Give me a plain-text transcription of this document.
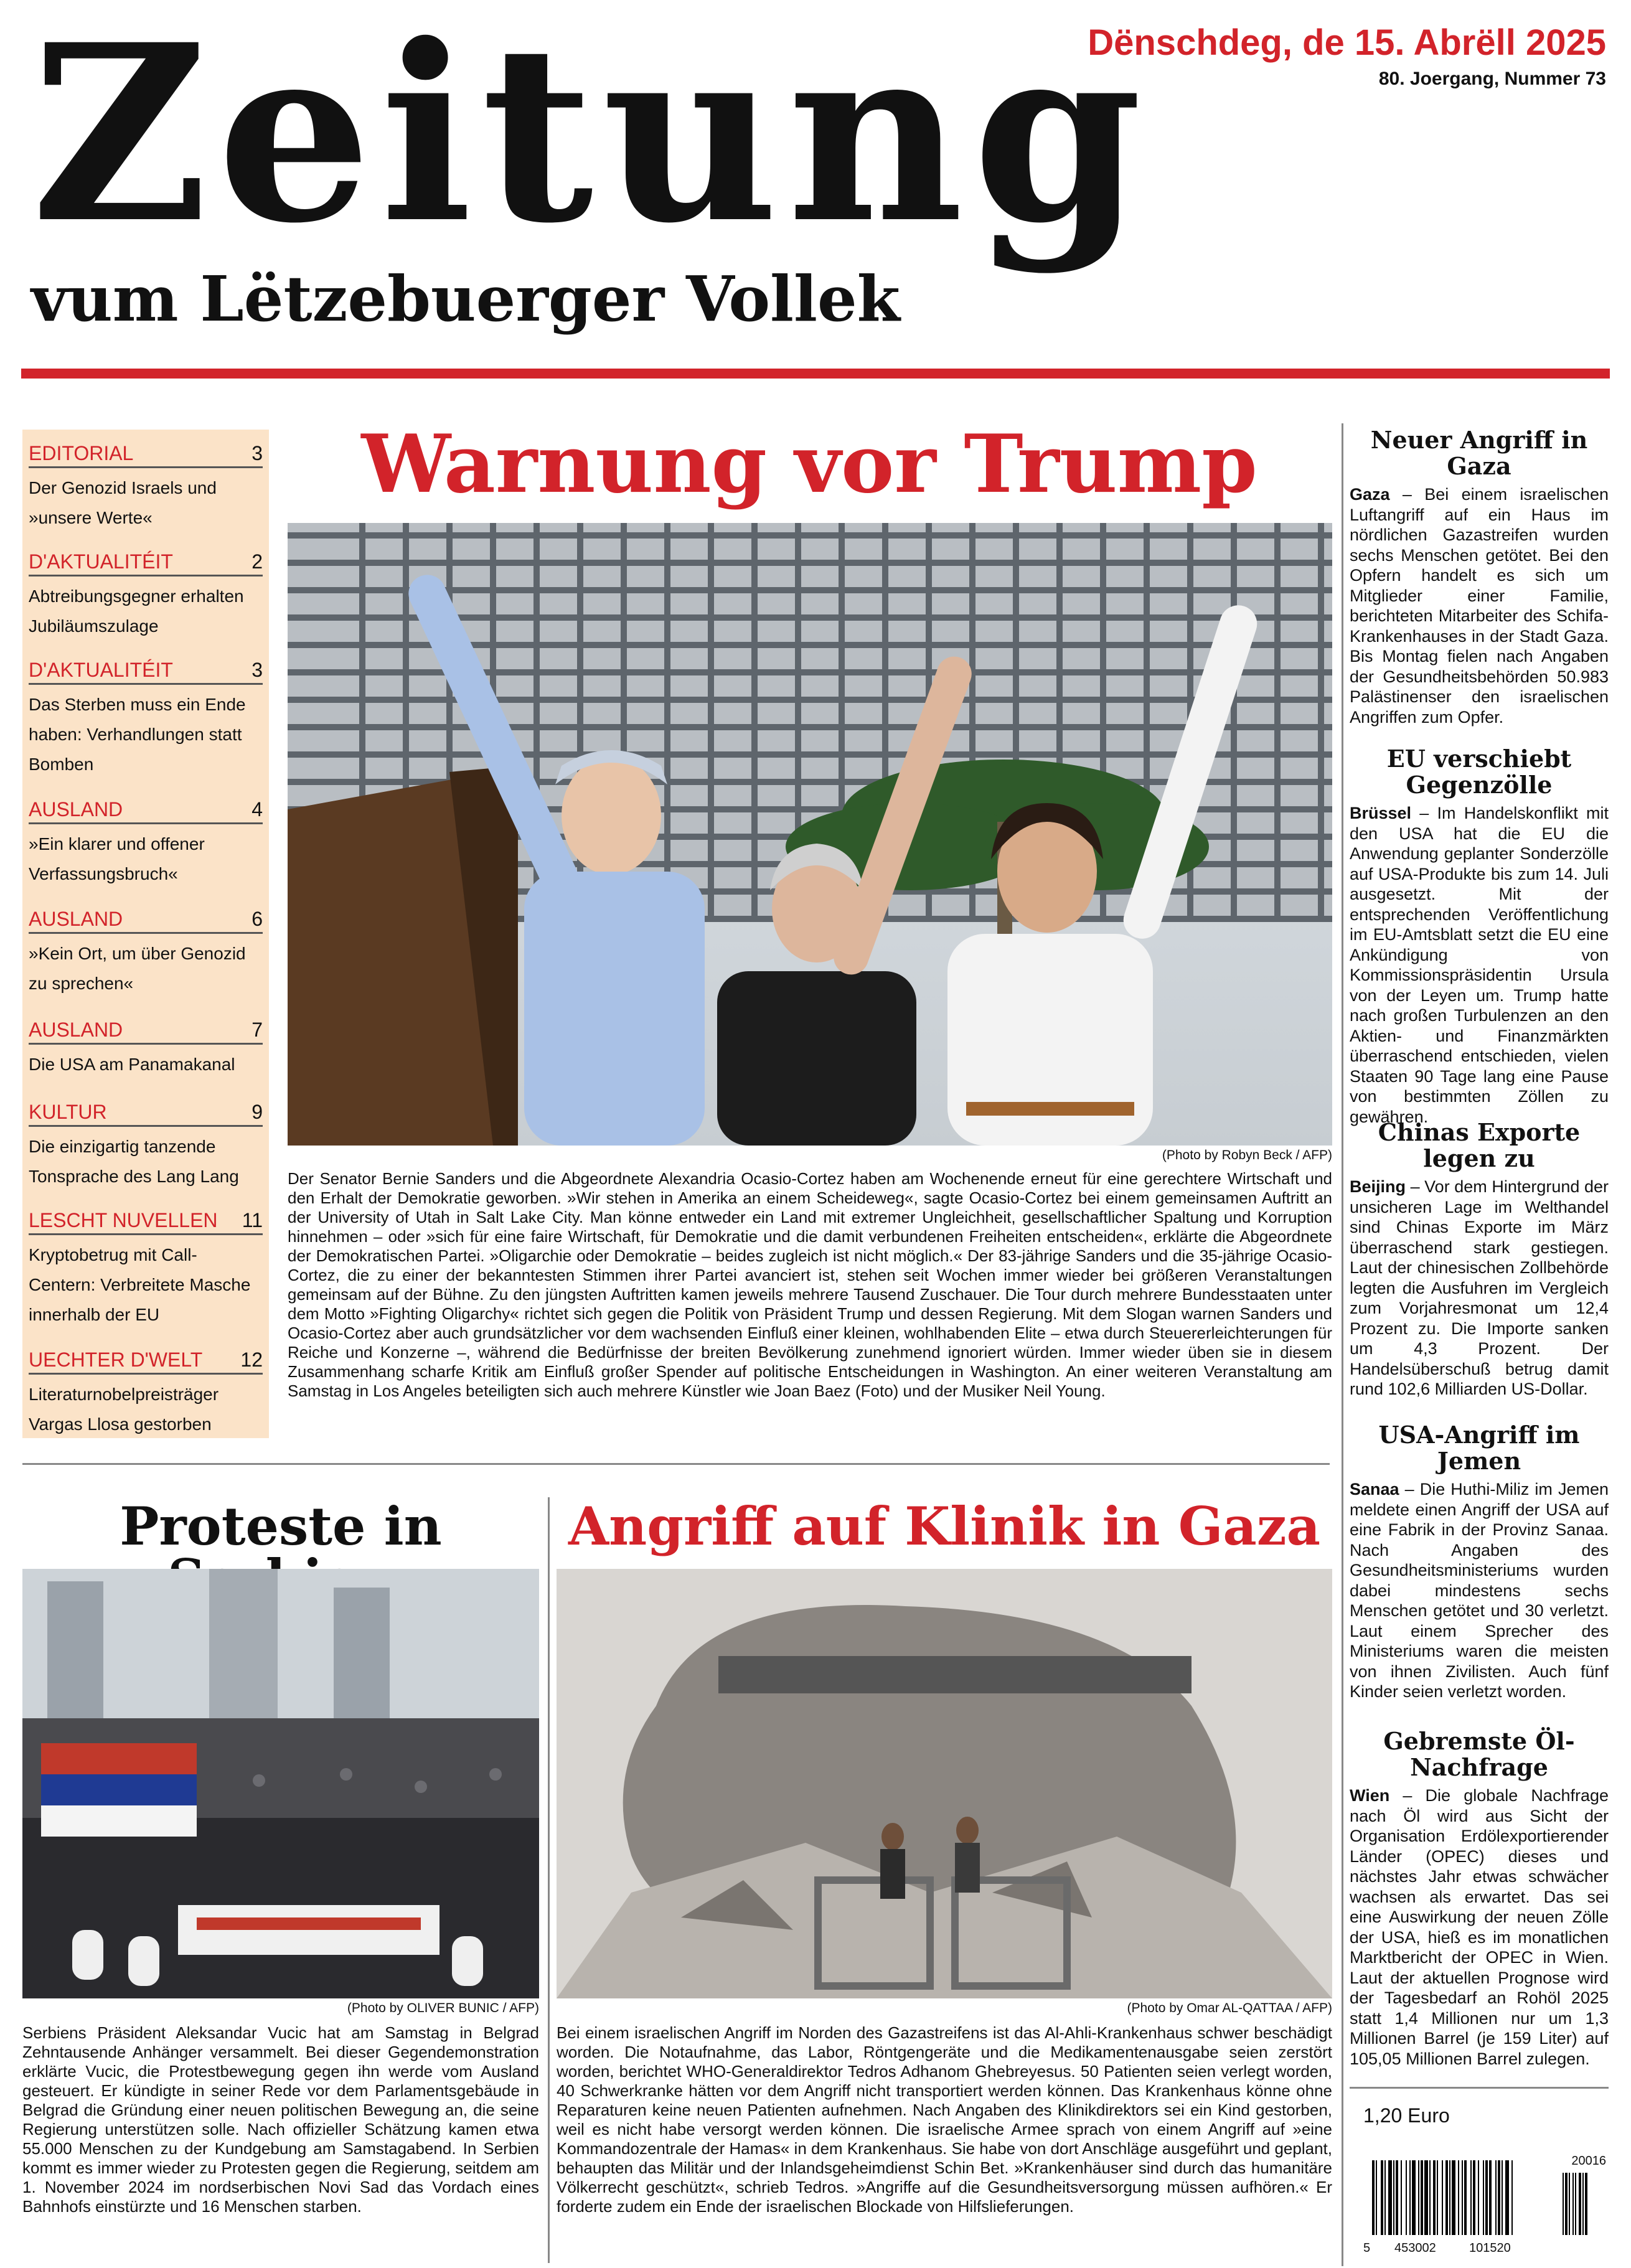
Zeitung
vum Lëtzebuerger Vollek
Dënschdeg, de 15. Abrëll 2025
80. Joergang, Nummer 73
EDITORIAL	3
Der Genozid Israels und »unsere Werte«
D'AKTUALITÉIT	2
Abtreibungsgegner erhalten Jubiläumszulage
D'AKTUALITÉIT	3
Das Sterben muss ein Ende haben: Verhandlungen statt Bomben
AUSLAND	4
»Ein klarer und offener Verfassungsbruch«
AUSLAND	6
»Kein Ort, um über Genozid zu sprechen«
AUSLAND	7
Die USA am Panamakanal
KULTUR	9
Die einzigartig tanzende Tonsprache des Lang Lang
LESCHT NUVELLEN 11
Kryptobetrug mit Call-Centern: Verbreitete Masche innerhalb der EU
UECHTER D'WELT 12
Literaturnobelpreisträger Vargas Llosa gestorben
Warnung vor Trump
(Photo by Robyn Beck / AFP)
Der Senator Bernie Sanders und die Abgeordnete Alexandria Ocasio-Cortez haben am Wochenende erneut für eine gerechtere Wirtschaft und den Erhalt der Demokratie geworben. »Wir stehen in Amerika an einem Scheideweg«, sagte Ocasio-Cortez bei einem gemeinsamen Auftritt an der University of Utah in Salt Lake City. Man könne entweder ein Land mit extremer Ungleichheit, gesellschaftlicher Spaltung und Korruption hinnehmen – oder »sich für eine faire Wirtschaft, für Demokratie und die damit verbundenen Freiheiten entscheiden«, erklärte die Abgeordnete der Demokratischen Partei. »Oligarchie oder Demokratie – beides zugleich ist nicht möglich.« Der 83-jährige Sanders und die 35-jährige Ocasio-Cortez, die zu einer der bekanntesten Stimmen ihrer Partei avanciert ist, stehen seit Wochen immer wieder bei größeren Veranstaltungen gemeinsam auf der Bühne. Zu den jüngsten Auftritten kamen jeweils mehrere Tausend Zuschauer. Die Tour durch mehrere Bundesstaaten unter dem Motto »Fighting Oligarchy« richtet sich gegen die Politik von Präsident Trump und dessen Regierung. Mit dem Slogan warnen Sanders und Ocasio-Cortez aber auch grundsätzlicher vor dem wachsenden Einfluß einer kleinen, wohlhabenden Elite – etwa durch Steuererleichterungen für Reiche und Konzerne –, während die Bedürfnisse der breiten Bevölkerung zunehmend ignoriert würden. Immer wieder üben sie in diesem Zusammenhang scharfe Kritik am Einfluß großer Spender auf politische Entscheidungen in Washington. An einer weiteren Veranstaltung am Samstag in Los Angeles beteiligten sich auch mehrere Künstler wie Joan Baez (Foto) und der Musiker Neil Young.
Proteste in
(Photo by OLIVER BUNIC / AFP)
Serbiens Präsident Aleksandar Vucic hat am Samstag in Belgrad Zehntausende Anhänger versammelt. Bei dieser Gegendemonstration erklärte Vucic, die Protestbewegung gegen ihn werde vom Ausland gesteuert. Er kündigte in seiner Rede vor dem Parlamentsgebäude in Belgrad die Gründung einer neuen politischen Bewegung an, die seine Regierung unterstützen solle. Nach offizieller Schätzung kamen etwa 55.000 Menschen zu der Kundgebung am Samstagabend. In Serbien kommt es immer wieder zu Protesten gegen die Regierung, seitdem am 1. November 2024 im nordserbischen Novi Sad das Vordach eines Bahnhofs einstürzte und 16 Menschen starben.
Angriff auf Klinik in Gaza
(Photo by Omar AL-QATTAA / AFP)
Bei einem israelischen Angriff im Norden des Gazastreifens ist das Al-Ahli-Krankenhaus schwer beschädigt worden. Die Notaufnahme, das Labor, Röntgengeräte und die Medikamentenausgabe seien zerstört worden, berichtet WHO-Generaldirektor Tedros Adhanom Ghebreyesus. 50 Patienten seien verlegt worden, 40 Schwerkranke hätten vor dem Angriff nicht transportiert werden können. Das Krankenhaus könne ohne Reparaturen keine neuen Patienten aufnehmen. Nach Angaben des Klinikdirektors sei ein Kind gestorben, weil es nicht habe versorgt werden können. Die israelische Armee sprach von einem Angriff auf »eine Kommandozentrale der Hamas« in dem Krankenhaus. Sie habe von dort Anschläge ausgeführt und geplant, behaupten das Militär und der Inlandsgeheimdienst Schin Bet. »Krankenhäuser sind durch das humanitäre Völkerrecht geschützt«, schrieb Tedros. »Angriffe auf die Gesundheitsversorgung müssen aufhören.« Er forderte zudem ein Ende der israelischen Blockade von Hilfslieferungen.
Neuer Angriff in Gaza

Gaza – Bei einem israelischen Luftangriff auf ein Haus im nördlichen Gazastreifen wurden sechs Menschen getötet. Bei den Opfern handelt es sich um Mitglieder einer Familie, berichteten Mitarbeiter des Schifa-Krankenhauses in der Stadt Gaza. Bis Montag fielen nach Angaben der Gesundheitsbehörden 50.983 Palästinenser den israelischen Angriffen zum Opfer.

EU verschiebt Gegenzölle

Brüssel – Im Handelskonflikt mit den USA hat die EU die Anwendung geplanter Sonderzölle auf USA-Produkte bis zum 14. Juli ausgesetzt. Mit der entsprechenden Veröffentlichung im EU-Amtsblatt setzt die EU eine Ankündigung von Kommissionspräsidentin Ursula von der Leyen um. Trump hatte nach großen Turbulenzen an den Aktien- und Finanzmärkten überraschend entschieden, vielen Staaten 90 Tage lang eine Pause von bestimmten Zöllen zu gewähren.

Chinas Exporte legen zu

Beijing – Vor dem Hintergrund der unsicheren Lage im Welthandel sind Chinas Exporte im März überraschend stark gestiegen. Laut der chinesischen Zollbehörde legten die Ausfuhren im Vergleich zum Vorjahresmonat um 12,4 Prozent zu. Die Importe sanken um 4,3 Prozent. Der Handelsüberschuß betrug damit rund 102,6 Milliarden US-Dollar.

USA-Angriff im Jemen

Sanaa – Die Huthi-Miliz im Jemen meldete einen Angriff der USA auf eine Fabrik in der Provinz Sanaa. Nach Angaben des Gesundheitsministeriums wurden dabei mindestens sechs Menschen getötet und 30 verletzt. Laut einem Sprecher des Ministeriums waren die meisten von ihnen Zivilisten. Auch fünf Kinder seien verletzt worden.

Gebremste Öl-Nachfrage

Wien – Die globale Nachfrage nach Öl wird aus Sicht der Organisation Erdölexportierender Länder (OPEC) dieses und nächstes Jahr etwas schwächer wachsen als erwartet. Das sei eine Auswirkung der neuen Zölle der USA, hieß es im monatlichen Marktbericht der OPEC in Wien. Laut der aktuellen Prognose wird der Tagesbedarf an Rohöl 2025 statt 1,4 Millionen nur um 1,3 Millionen Barrel (je 159 Liter) auf 105,05 Millionen Barrel zulegen.

1,20 Euro
20016
5 453002	101520
